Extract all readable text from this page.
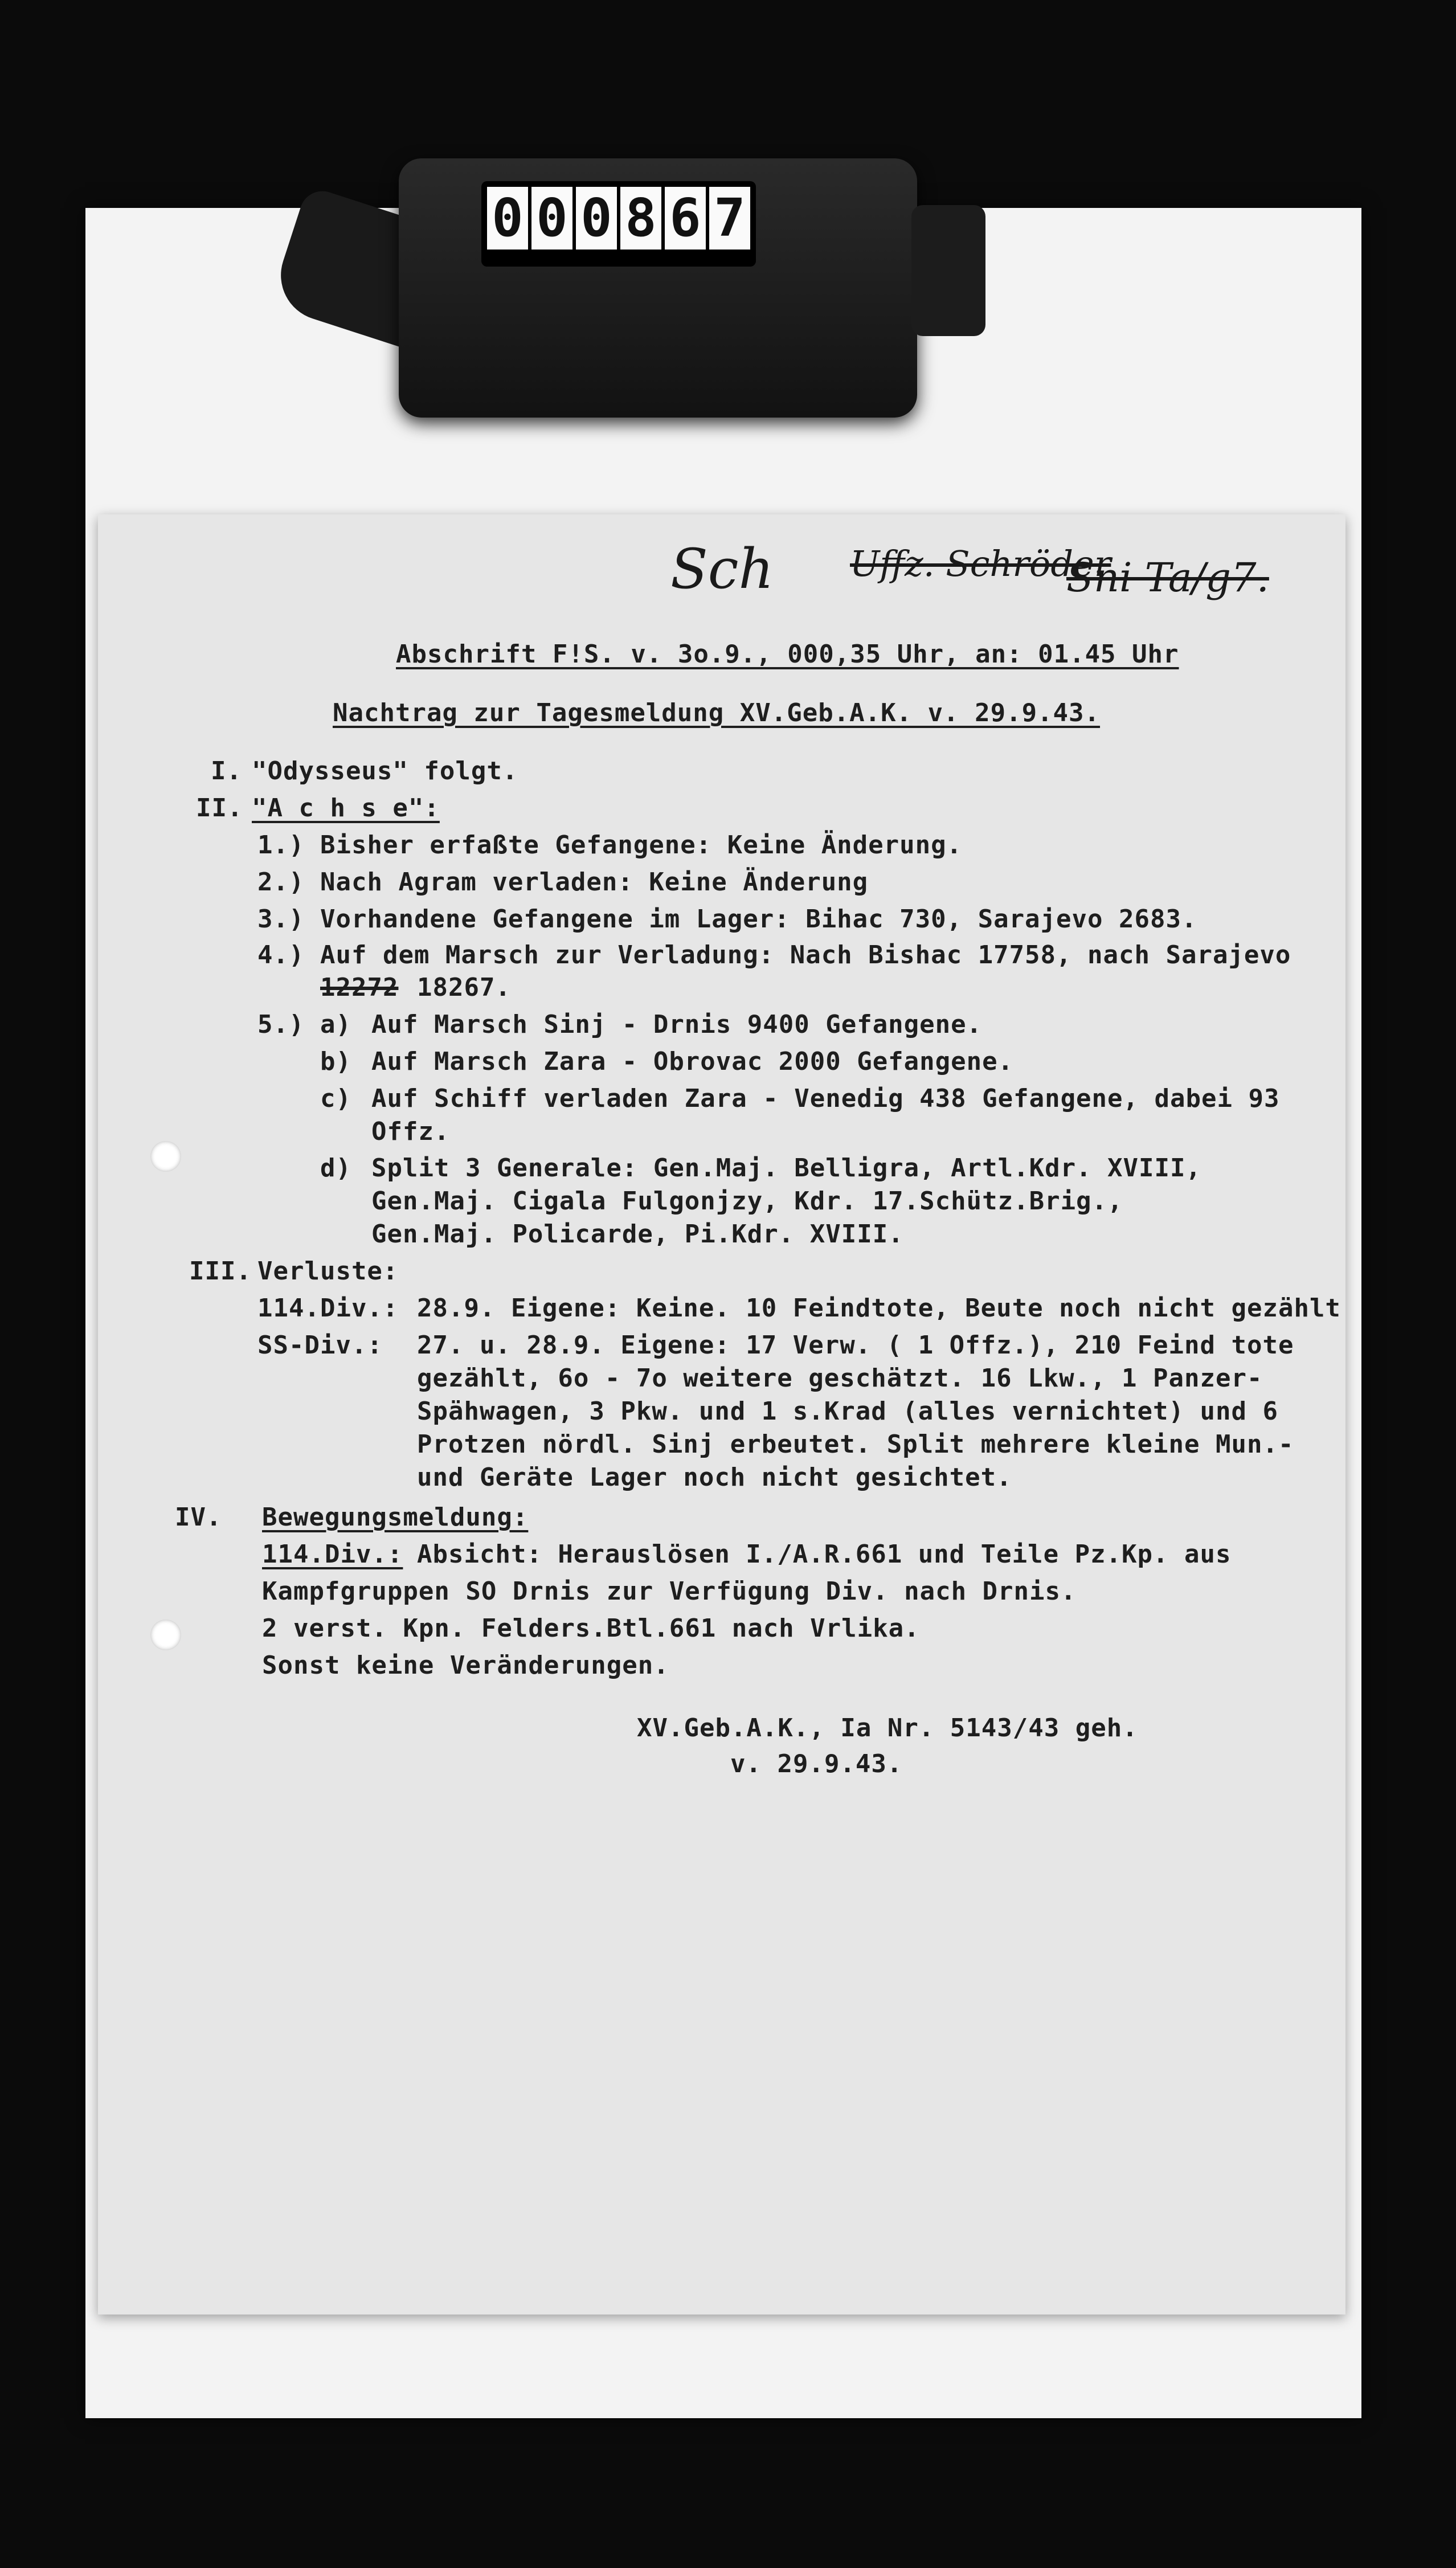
0 0 0 8 6 7
Sch Uffz. Schröder
Sni Ta/g7.
Abschrift F!S. v. 3o.9., 000,35 Uhr, an: 01.45 Uhr
Nachtrag zur Tagesmeldung XV.Geb.A.K. v. 29.9.43.
I. "Odysseus" folgt.
II. "A c h s e":
1.) Bisher erfaßte Gefangene: Keine Änderung.
2.) Nach Agram verladen: Keine Änderung
3.) Vorhandene Gefangene im Lager: Bihac 730, Sarajevo 2683.
4.) Auf dem Marsch zur Verladung: Nach Bishac 17758, nach Sarajevo
12272 18267.
5.) a) Auf Marsch Sinj - Drnis 9400 Gefangene.
b) Auf Marsch Zara - Obrovac 2000 Gefangene.
c) Auf Schiff verladen Zara - Venedig 438 Gefangene, dabei 93
Offz.
d) Split 3 Generale: Gen.Maj. Belligra, Artl.Kdr. XVIII,
Gen.Maj. Cigala Fulgonjzy, Kdr. 17.Schütz.Brig.,
Gen.Maj. Policarde, Pi.Kdr. XVIII.
III. Verluste:
114.Div.: 28.9. Eigene: Keine. 10 Feindtote, Beute noch nicht gezählt
SS-Div.: 27. u. 28.9. Eigene: 17 Verw. ( 1 Offz.), 210 Feind tote
gezählt, 6o - 7o weitere geschätzt. 16 Lkw., 1 Panzer-
Spähwagen, 3 Pkw. und 1 s.Krad (alles vernichtet) und 6
Protzen nördl. Sinj erbeutet. Split mehrere kleine Mun.-
und Geräte Lager noch nicht gesichtet.
IV. Bewegungsmeldung:
114.Div.: Absicht: Herauslösen I./A.R.661 und Teile Pz.Kp. aus
Kampfgruppen SO Drnis zur Verfügung Div. nach Drnis.
2 verst. Kpn. Felders.Btl.661 nach Vrlika.
Sonst keine Veränderungen.
XV.Geb.A.K., Ia Nr. 5143/43 geh.
v. 29.9.43.
